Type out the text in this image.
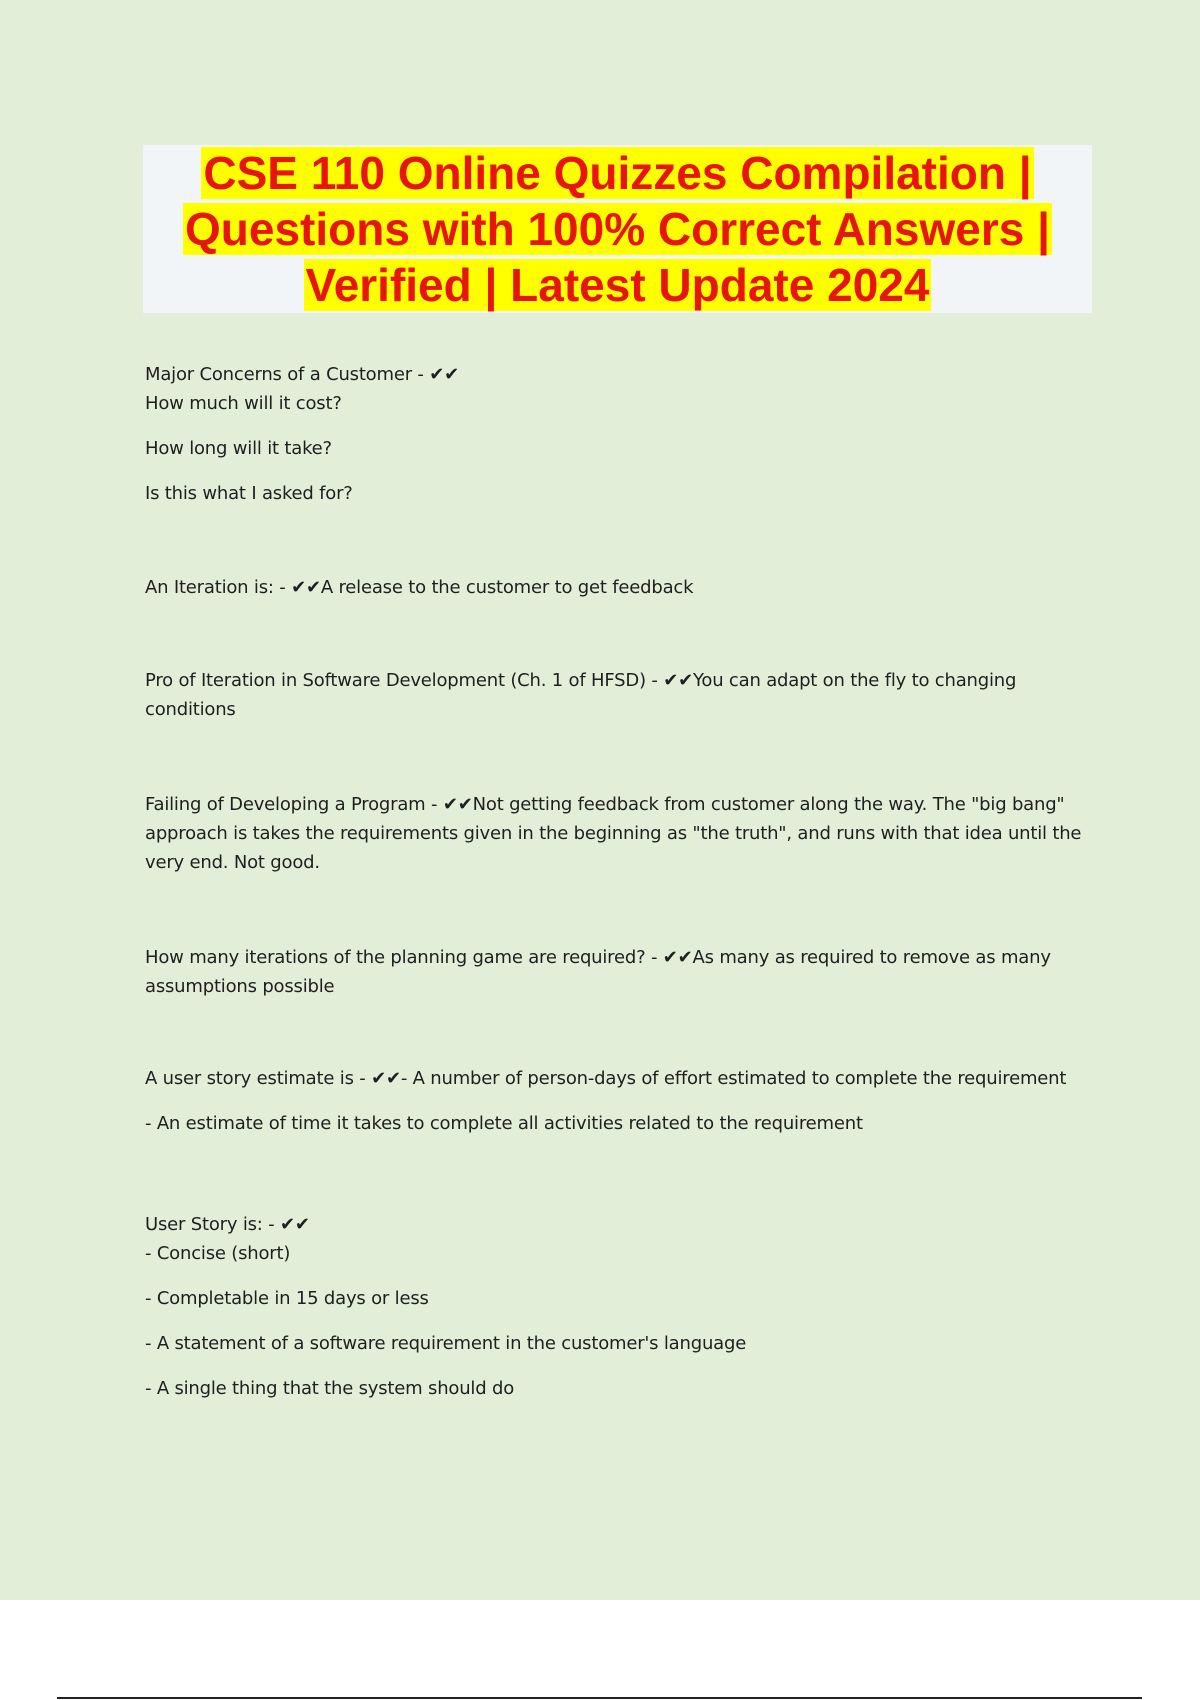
CSE 110 Online Quizzes Compilation | Questions with 100% Correct Answers | Verified | Latest Update 2024
Major Concerns of a Customer - ✔✔
How much will it cost?
How long will it take?
Is this what I asked for?
An Iteration is: - ✔✔A release to the customer to get feedback
Pro of Iteration in Software Development (Ch. 1 of HFSD) - ✔✔You can adapt on the fly to changing conditions
Failing of Developing a Program - ✔✔Not getting feedback from customer along the way. The "big bang" approach is takes the requirements given in the beginning as "the truth", and runs with that idea until the very end. Not good.
How many iterations of the planning game are required? - ✔✔As many as required to remove as many assumptions possible
A user story estimate is - ✔✔- A number of person-days of effort estimated to complete the requirement
- An estimate of time it takes to complete all activities related to the requirement
User Story is: - ✔✔
- Concise (short)
- Completable in 15 days or less
- A statement of a software requirement in the customer's language
- A single thing that the system should do
